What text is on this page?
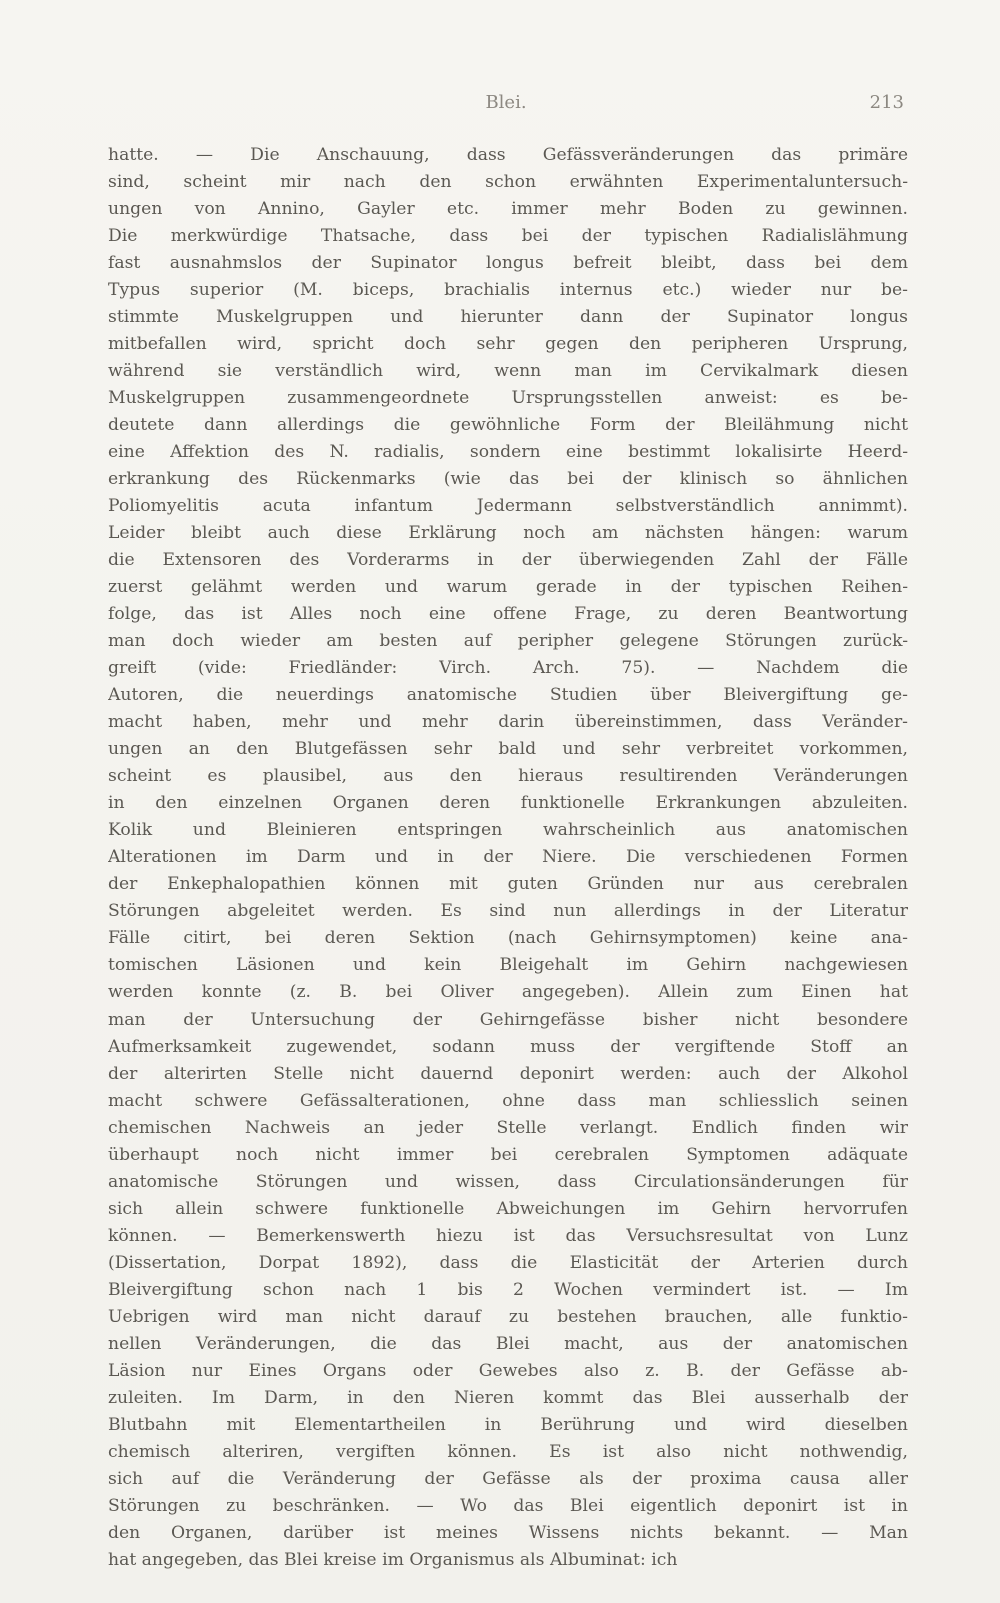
Blei.	213
hatte. — Die Anschauung, dass Gefässveränderungen das primäre
sind, scheint mir nach den schon erwähnten Experimentaluntersuch-
ungen von Annino, Gayler etc. immer mehr Boden zu gewinnen.
Die merkwürdige Thatsache, dass bei der typischen Radialislähmung
fast ausnahmslos der Supinator longus befreit bleibt, dass bei dem
Typus superior (M. biceps, brachialis internus etc.) wieder nur be-
stimmte Muskelgruppen und hierunter dann der Supinator longus
mitbefallen wird, spricht doch sehr gegen den peripheren Ursprung,
während sie verständlich wird, wenn man im Cervikalmark diesen
Muskelgruppen zusammengeordnete Ursprungsstellen anweist: es be-
deutete dann allerdings die gewöhnliche Form der Bleilähmung nicht
eine Affektion des N. radialis, sondern eine bestimmt lokalisirte Heerd-
erkrankung des Rückenmarks (wie das bei der klinisch so ähnlichen
Poliomyelitis acuta infantum Jedermann selbstverständlich annimmt).
Leider bleibt auch diese Erklärung noch am nächsten hängen: warum
die Extensoren des Vorderarms in der überwiegenden Zahl der Fälle
zuerst gelähmt werden und warum gerade in der typischen Reihen-
folge, das ist Alles noch eine offene Frage, zu deren Beantwortung
man doch wieder am besten auf peripher gelegene Störungen zurück-
greift (vide: Friedländer: Virch. Arch. 75). — Nachdem die
Autoren, die neuerdings anatomische Studien über Bleivergiftung ge-
macht haben, mehr und mehr darin übereinstimmen, dass Veränder-
ungen an den Blutgefässen sehr bald und sehr verbreitet vorkommen,
scheint es plausibel, aus den hieraus resultirenden Veränderungen
in den einzelnen Organen deren funktionelle Erkrankungen abzuleiten.
Kolik und Bleinieren entspringen wahrscheinlich aus anatomischen
Alterationen im Darm und in der Niere. Die verschiedenen Formen
der Enkephalopathien können mit guten Gründen nur aus cerebralen
Störungen abgeleitet werden. Es sind nun allerdings in der Literatur
Fälle citirt, bei deren Sektion (nach Gehirnsymptomen) keine ana-
tomischen Läsionen und kein Bleigehalt im Gehirn nachgewiesen
werden konnte (z. B. bei Oliver angegeben). Allein zum Einen hat
man der Untersuchung der Gehirngefässe bisher nicht besondere
Aufmerksamkeit zugewendet, sodann muss der vergiftende Stoff an
der alterirten Stelle nicht dauernd deponirt werden: auch der Alkohol
macht schwere Gefässalterationen, ohne dass man schliesslich seinen
chemischen Nachweis an jeder Stelle verlangt. Endlich finden wir
überhaupt noch nicht immer bei cerebralen Symptomen adäquate
anatomische Störungen und wissen, dass Circulationsänderungen für
sich allein schwere funktionelle Abweichungen im Gehirn hervorrufen
können. — Bemerkenswerth hiezu ist das Versuchsresultat von Lunz
(Dissertation, Dorpat 1892), dass die Elasticität der Arterien durch
Bleivergiftung schon nach 1 bis 2 Wochen vermindert ist. — Im
Uebrigen wird man nicht darauf zu bestehen brauchen, alle funktio-
nellen Veränderungen, die das Blei macht, aus der anatomischen
Läsion nur Eines Organs oder Gewebes also z. B. der Gefässe ab-
zuleiten. Im Darm, in den Nieren kommt das Blei ausserhalb der
Blutbahn mit Elementartheilen in Berührung und wird dieselben
chemisch alteriren, vergiften können. Es ist also nicht nothwendig,
sich auf die Veränderung der Gefässe als der proxima causa aller
Störungen zu beschränken. — Wo das Blei eigentlich deponirt ist in
den Organen, darüber ist meines Wissens nichts bekannt. — Man
hat angegeben, das Blei kreise im Organismus als Albuminat: ich
